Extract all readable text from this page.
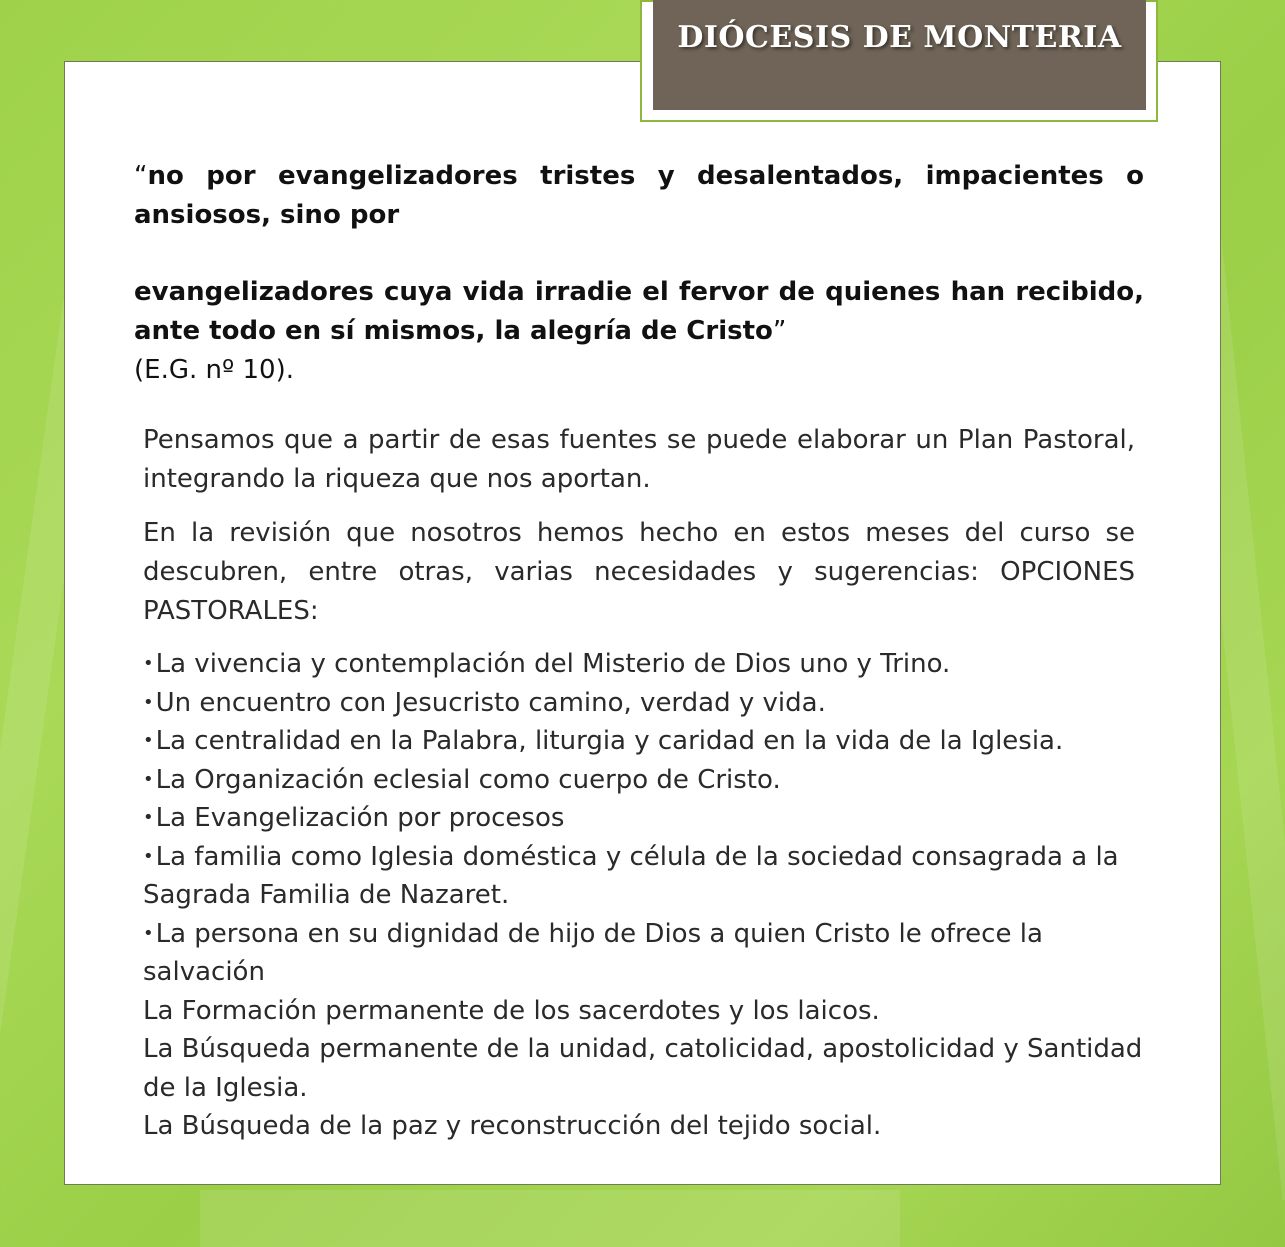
DIÓCESIS DE MONTERIA
“no por evangelizadores tristes y desalentados, impacientes o ansiosos, sino por
evangelizadores cuya vida irradie el fervor de quienes han recibido, ante todo en sí mismos, la alegría de Cristo”
(E.G. nº 10).
Pensamos que a partir de esas fuentes se puede elaborar un Plan Pastoral, integrando la riqueza que nos aportan.
En la revisión que nosotros hemos hecho en estos meses del curso se descubren, entre otras, varias necesidades y sugerencias: OPCIONES PASTORALES:
•La vivencia y contemplación del Misterio de Dios uno y Trino.
•Un encuentro con Jesucristo camino, verdad y vida.
•La centralidad en la Palabra, liturgia y caridad en la vida de la Iglesia.
•La Organización eclesial como cuerpo de Cristo.
•La Evangelización por procesos
•La familia como Iglesia doméstica y célula de la sociedad consagrada a la Sagrada Familia de Nazaret.
•La persona en su dignidad de hijo de Dios a quien Cristo le ofrece la salvación
La Formación permanente de los sacerdotes y los laicos.
La Búsqueda permanente de la unidad, catolicidad, apostolicidad y Santidad de la Iglesia.
La Búsqueda de la paz y reconstrucción del tejido social.
